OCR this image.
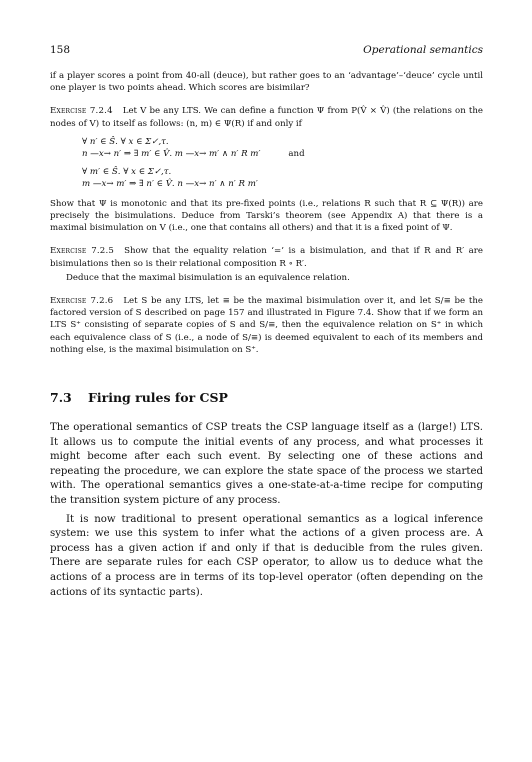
158	Operational semantics

if a player scores a point from 40-all (deuce), but rather goes to an ‘advantage’–‘deuce’ cycle until one player is two points ahead. Which scores are bisimilar?

Exercise 7.2.4 Let V be any LTS. We can define a function Ψ from P(V̂ × V̂) (the relations on the nodes of V) to itself as follows: (n, m) ∈ Ψ(R) if and only if

∀ n′ ∈ Ŝ. ∀ x ∈ Σ✓,τ.
n —x→ n′ ⇒ ∃ m′ ∈ V̂. m —x→ m′ ∧ n′ R m′	and
∀ m′ ∈ Ŝ. ∀ x ∈ Σ✓,τ.
m —x→ m′ ⇒ ∃ n′ ∈ V̂. n —x→ n′ ∧ n′ R m′

Show that Ψ is monotonic and that its pre-fixed points (i.e., relations R such that R ⊆ Ψ(R)) are precisely the bisimulations. Deduce from Tarski’s theorem (see Appendix A) that there is a maximal bisimulation on V (i.e., one that contains all others) and that it is a fixed point of Ψ.

Exercise 7.2.5 Show that the equality relation ‘=’ is a bisimulation, and that if R and R′ are bisimulations then so is their relational composition R ∘ R′.

Deduce that the maximal bisimulation is an equivalence relation.

Exercise 7.2.6 Let S be any LTS, let ≡ be the maximal bisimulation over it, and let S/≡ be the factored version of S described on page 157 and illustrated in Figure 7.4. Show that if we form an LTS S⁺ consisting of separate copies of S and S/≡, then the equivalence relation on S⁺ in which each equivalence class of S (i.e., a node of S/≡) is deemed equivalent to each of its members and nothing else, is the maximal bisimulation on S⁺.

7.3	Firing rules for CSP

The operational semantics of CSP treats the CSP language itself as a (large!) LTS. It allows us to compute the initial events of any process, and what processes it might become after each such event. By selecting one of these actions and repeating the procedure, we can explore the state space of the process we started with. The operational semantics gives a one-state-at-a-time recipe for computing the transition system picture of any process.

It is now traditional to present operational semantics as a logical inference system: we use this system to infer what the actions of a given process are. A process has a given action if and only if that is deducible from the rules given. There are separate rules for each CSP operator, to allow us to deduce what the actions of a process are in terms of its top-level operator (often depending on the actions of its syntactic parts).
